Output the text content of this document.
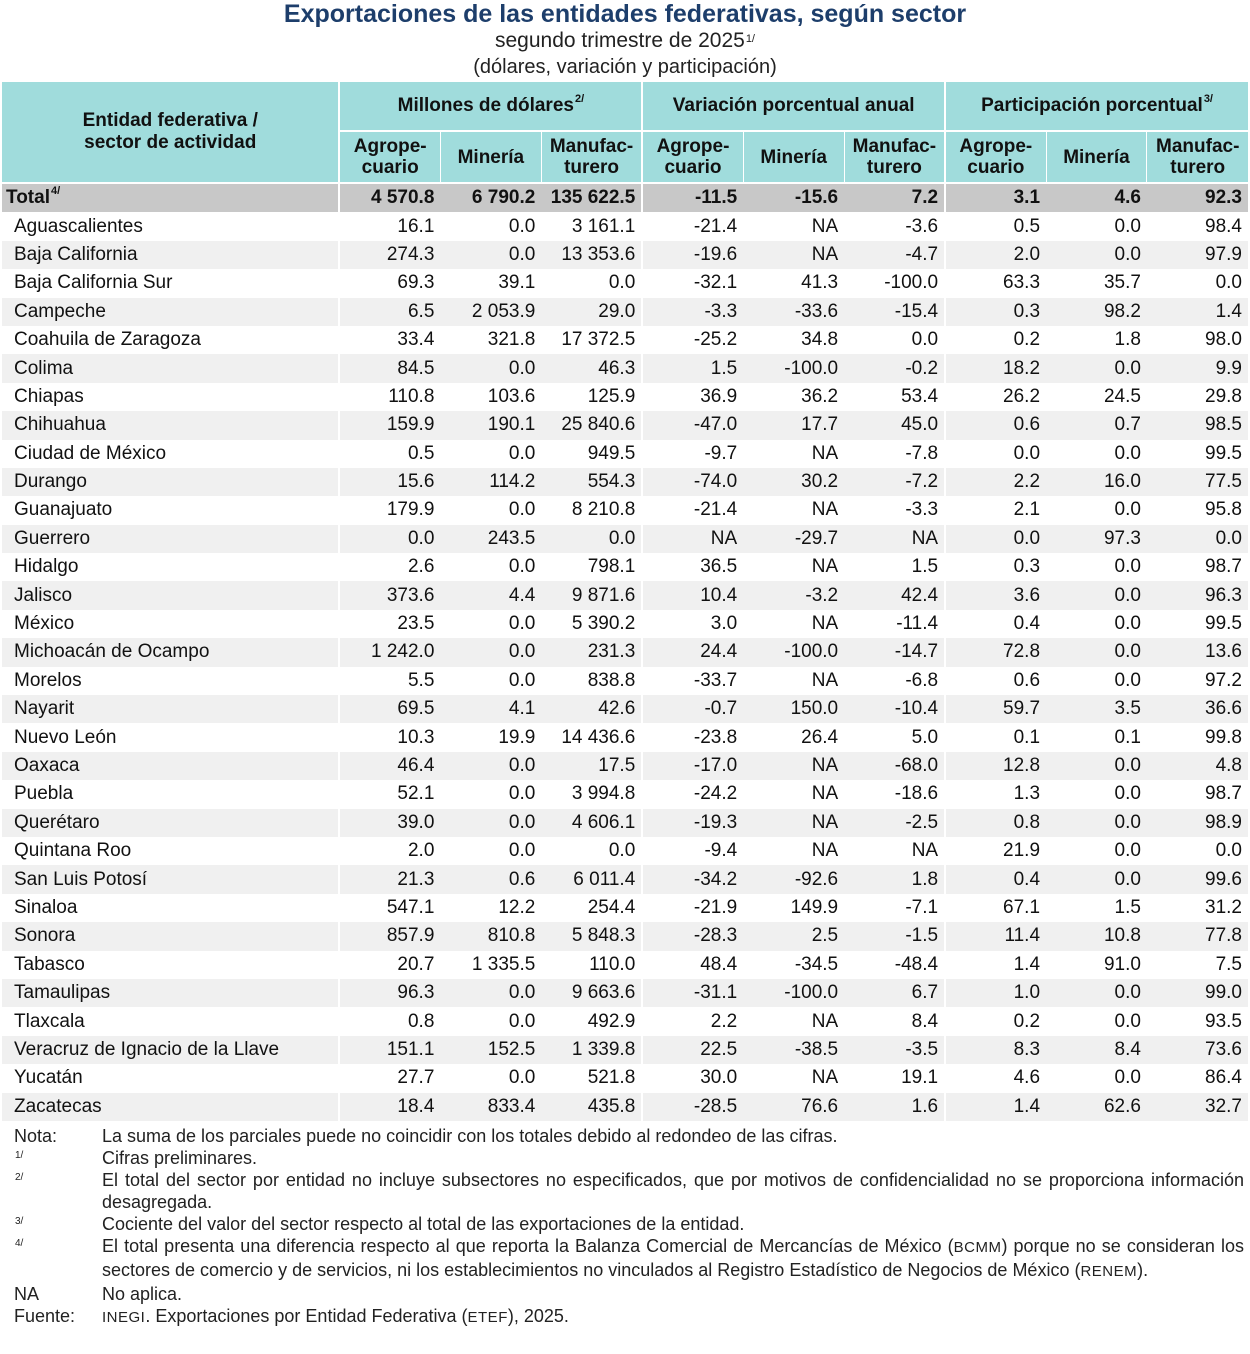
Exportaciones de las entidades federativas, según sector
segundo trimestre de $2025^{1/}$
(dólares, variación y participación)
Entidad federativa /
sector de actividad	Millones de dólares$^{2/}$			Variación porcentual anual			Participación porcentual$^{3/}$
	Agrope-
cuario	Minería	Manufac-
turero	Agrope-
cuario	Minería	Manufac-
turero	Agrope-
cuario	Minería	Manufac-
turero
Total$^{4/}$	4 570.8	6 790.2	135 622.5	-11.5	-15.6	7.2	3.1	4.6	92.3
Aguascalientes	16.1	0.0	3 161.1	-21.4	NA	-3.6	0.5	0.0	98.4
Baja California	274.3	0.0	13 353.6	-19.6	NA	-4.7	2.0	0.0	97.9
Baja California Sur	69.3	39.1	0.0	-32.1	41.3	-100.0	63.3	35.7	0.0
Campeche	6.5	2 053.9	29.0	-3.3	-33.6	-15.4	0.3	98.2	1.4
Coahuila de Zaragoza	33.4	321.8	17 372.5	-25.2	34.8	0.0	0.2	1.8	98.0
Colima	84.5	0.0	46.3	1.5	-100.0	-0.2	18.2	0.0	9.9
Chiapas	110.8	103.6	125.9	36.9	36.2	53.4	26.2	24.5	29.8
Chihuahua	159.9	190.1	25 840.6	-47.0	17.7	45.0	0.6	0.7	98.5
Ciudad de México	0.5	0.0	949.5	-9.7	NA	-7.8	0.0	0.0	99.5
Durango	15.6	114.2	554.3	-74.0	30.2	-7.2	2.2	16.0	77.5
Guanajuato	179.9	0.0	8 210.8	-21.4	NA	-3.3	2.1	0.0	95.8
Guerrero	0.0	243.5	0.0	NA	-29.7	NA	0.0	97.3	0.0
Hidalgo	2.6	0.0	798.1	36.5	NA	1.5	0.3	0.0	98.7
Jalisco	373.6	4.4	9 871.6	10.4	-3.2	42.4	3.6	0.0	96.3
México	23.5	0.0	5 390.2	3.0	NA	-11.4	0.4	0.0	99.5
Michoacán de Ocampo	1 242.0	0.0	231.3	24.4	-100.0	-14.7	72.8	0.0	13.6
Morelos	5.5	0.0	838.8	-33.7	NA	-6.8	0.6	0.0	97.2
Nayarit	69.5	4.1	42.6	-0.7	150.0	-10.4	59.7	3.5	36.6
Nuevo León	10.3	19.9	14 436.6	-23.8	26.4	5.0	0.1	0.1	99.8
Oaxaca	46.4	0.0	17.5	-17.0	NA	-68.0	12.8	0.0	4.8
Puebla	52.1	0.0	3 994.8	-24.2	NA	-18.6	1.3	0.0	98.7
Querétaro	39.0	0.0	4 606.1	-19.3	NA	-2.5	0.8	0.0	98.9
Quintana Roo	2.0	0.0	0.0	-9.4	NA	NA	21.9	0.0	0.0
San Luis Potosí	21.3	0.6	6 011.4	-34.2	-92.6	1.8	0.4	0.0	99.6
Sinaloa	547.1	12.2	254.4	-21.9	149.9	-7.1	67.1	1.5	31.2
Sonora	857.9	810.8	5 848.3	-28.3	2.5	-1.5	11.4	10.8	77.8
Tabasco	20.7	1 335.5	110.0	48.4	-34.5	-48.4	1.4	91.0	7.5
Tamaulipas	96.3	0.0	9 663.6	-31.1	-100.0	6.7	1.0	0.0	99.0
Tlaxcala	0.8	0.0	492.9	2.2	NA	8.4	0.2	0.0	93.5
Veracruz de Ignacio de la Llave	151.1	152.5	1 339.8	22.5	-38.5	-3.5	8.3	8.4	73.6
Yucatán	27.7	0.0	521.8	30.0	NA	19.1	4.6	0.0	86.4
Zacatecas	18.4	833.4	435.8	-28.5	76.6	1.6	1.4	62.6	32.7
Nota:	La suma de los parciales puede no coincidir con los totales debido al redondeo de las cifras.
$^{1/}$	Cifras preliminares.
$^{2/}$	El total del sector por entidad no incluye subsectores no especificados, que por motivos de confidencialidad no se proporciona información desagregada.
$^{3/}$	Cociente del valor del sector respecto al total de las exportaciones de la entidad.
$^{4/}$	El total presenta una diferencia respecto al que reporta la Balanza Comercial de Mercancías de México (BCMM) porque no se consideran los sectores de comercio y de servicios, ni los establecimientos no vinculados al Registro Estadístico de Negocios de México (RENEM).
NA	No aplica.
Fuente:	INEGI. Exportaciones por Entidad Federativa (ETEF), 2025.
